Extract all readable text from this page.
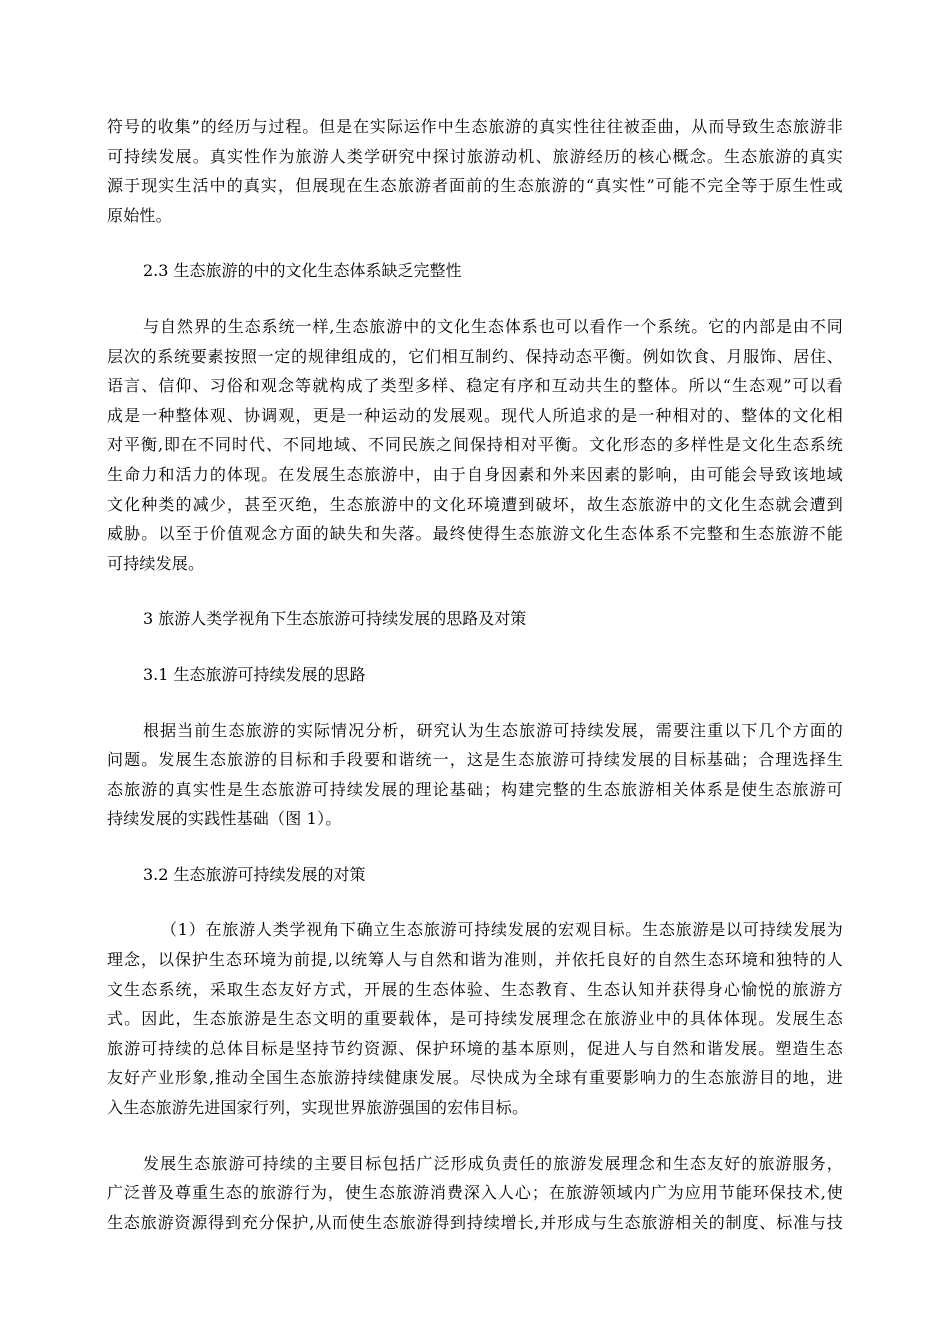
符号的收集”的经历与过程。但是在实际运作中生态旅游的真实性往往被歪曲，从而导致生态旅游非
可持续发展。真实性作为旅游人类学研究中探讨旅游动机、旅游经历的核心概念。生态旅游的真实
源于现实生活中的真实，但展现在生态旅游者面前的生态旅游的“真实性”可能不完全等于原生性或
原始性。
2.3 生态旅游的中的文化生态体系缺乏完整性
与自然界的生态系统一样,生态旅游中的文化生态体系也可以看作一个系统。它的内部是由不同
层次的系统要素按照一定的规律组成的，它们相互制约、保持动态平衡。例如饮食、月服饰、居住、
语言、信仰、习俗和观念等就构成了类型多样、稳定有序和互动共生的整体。所以“生态观”可以看
成是一种整体观、协调观，更是一种运动的发展观。现代人所追求的是一种相对的、整体的文化相
对平衡,即在不同时代、不同地域、不同民族之间保持相对平衡。文化形态的多样性是文化生态系统
生命力和活力的体现。在发展生态旅游中，由于自身因素和外来因素的影响，由可能会导致该地域
文化种类的减少，甚至灭绝，生态旅游中的文化环境遭到破坏，故生态旅游中的文化生态就会遭到
威胁。以至于价值观念方面的缺失和失落。最终使得生态旅游文化生态体系不完整和生态旅游不能
可持续发展。
3 旅游人类学视角下生态旅游可持续发展的思路及对策
3.1 生态旅游可持续发展的思路
根据当前生态旅游的实际情况分析，研究认为生态旅游可持续发展，需要注重以下几个方面的
问题。发展生态旅游的目标和手段要和谐统一，这是生态旅游可持续发展的目标基础；合理选择生
态旅游的真实性是生态旅游可持续发展的理论基础；构建完整的生态旅游相关体系是使生态旅游可
持续发展的实践性基础（图 1）。
3.2 生态旅游可持续发展的对策
（1）在旅游人类学视角下确立生态旅游可持续发展的宏观目标。生态旅游是以可持续发展为
理念，以保护生态环境为前提,以统筹人与自然和谐为准则，并依托良好的自然生态环境和独特的人
文生态系统，采取生态友好方式，开展的生态体验、生态教育、生态认知并获得身心愉悦的旅游方
式。因此，生态旅游是生态文明的重要载体，是可持续发展理念在旅游业中的具体体现。发展生态
旅游可持续的总体目标是坚持节约资源、保护环境的基本原则，促进人与自然和谐发展。塑造生态
友好产业形象,推动全国生态旅游持续健康发展。尽快成为全球有重要影响力的生态旅游目的地，进
入生态旅游先进国家行列，实现世界旅游强国的宏伟目标。
发展生态旅游可持续的主要目标包括广泛形成负责任的旅游发展理念和生态友好的旅游服务，
广泛普及尊重生态的旅游行为，使生态旅游消费深入人心；在旅游领域内广为应用节能环保技术,使
生态旅游资源得到充分保护,从而使生态旅游得到持续增长,并形成与生态旅游相关的制度、标准与技
